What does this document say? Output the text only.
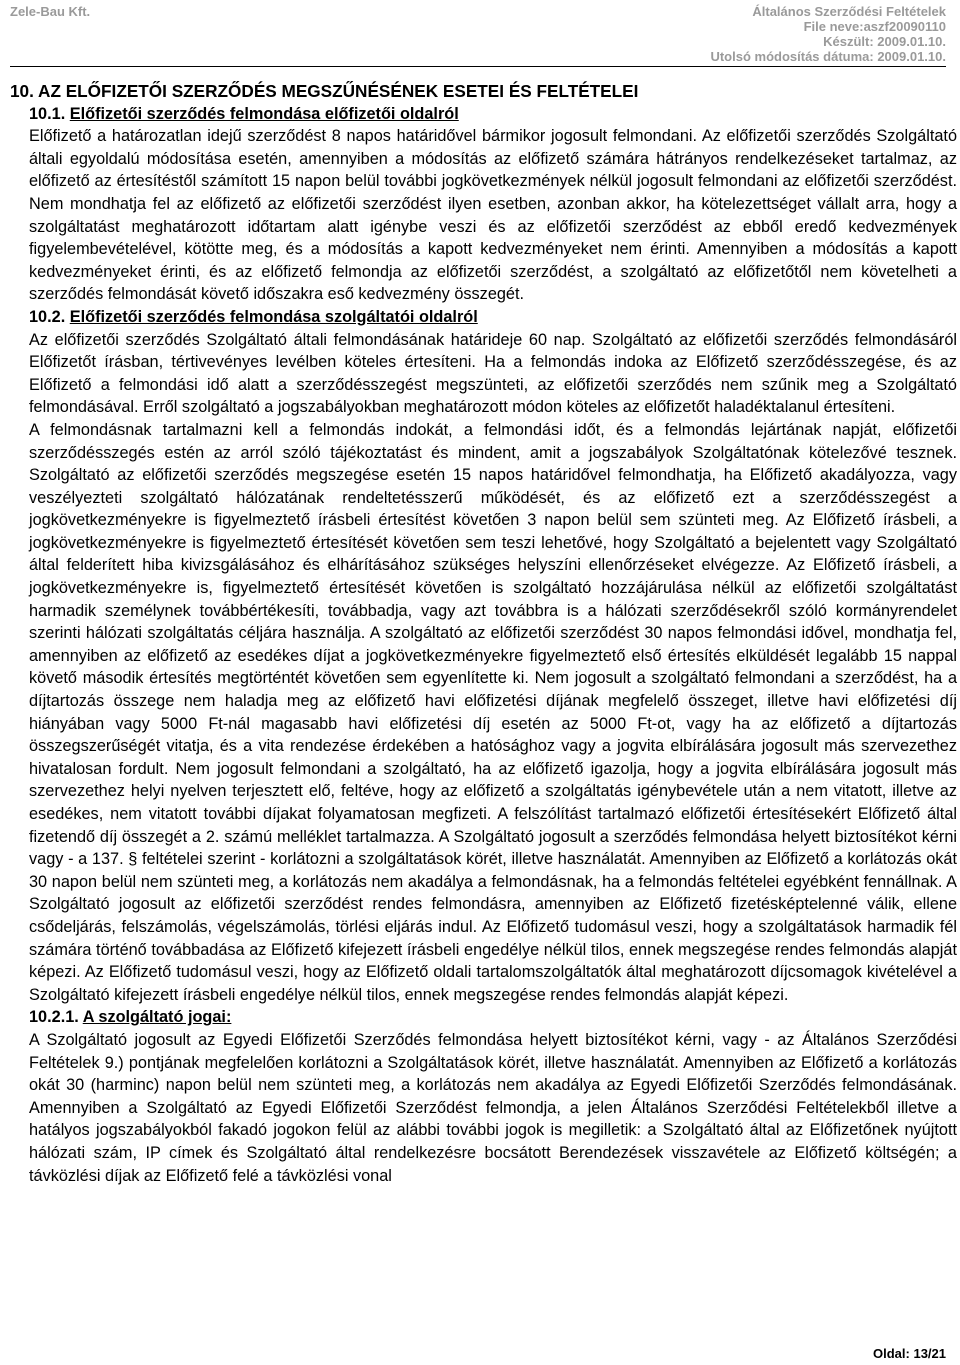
Zele-Bau Kft.	Általános Szerződési Feltételek
File neve:aszf20090110
Készült: 2009.01.10.
Utolsó módosítás dátuma: 2009.01.10.
10. AZ ELŐFIZETŐI SZERZŐDÉS MEGSZŰNÉSÉNEK ESETEI ÉS FELTÉTELEI
10.1. Előfizetői szerződés felmondása előfizetői oldalról

Előfizető a határozatlan idejű szerződést 8 napos határidővel bármikor jogosult felmondani. Az előfizetői szerződés Szolgáltató általi egyoldalú módosítása esetén, amennyiben a módosítás az előfizető számára hátrányos rendelkezéseket tartalmaz, az előfizető az értesítéstől számított 15 napon belül további jogkövetkezmények nélkül jogosult felmondani az előfizetői szerződést. Nem mondhatja fel az előfizető az előfizetői szerződést ilyen esetben, azonban akkor, ha kötelezettséget vállalt arra, hogy a szolgáltatást meghatározott időtartam alatt igénybe veszi és az előfizetői szerződést az ebből eredő kedvezmények figyelembevételével, kötötte meg, és a módosítás a kapott kedvezményeket nem érinti. Amennyiben a módosítás a kapott kedvezményeket érinti, és az előfizető felmondja az előfizetői szerződést, a szolgáltató az előfizetőtől nem követelheti a szerződés felmondását követő időszakra eső kedvezmény összegét.

10.2. Előfizetői szerződés felmondása szolgáltatói oldalról

Az előfizetői szerződés Szolgáltató általi felmondásának határideje 60 nap. Szolgáltató az előfizetői szerződés felmondásáról Előfizetőt írásban, tértivevényes levélben köteles értesíteni. Ha a felmondás indoka az Előfizető szerződésszegése, és az Előfizető a felmondási idő alatt a szerződésszegést megszünteti, az előfizetői szerződés nem szűnik meg a Szolgáltató felmondásával. Erről szolgáltató a jogszabályokban meghatározott módon köteles az előfizetőt haladéktalanul értesíteni.

A felmondásnak tartalmazni kell a felmondás indokát, a felmondási időt, és a felmondás lejártának napját, előfizetői szerződésszegés estén az arról szóló tájékoztatást és mindent, amit a jogszabályok Szolgáltatónak kötelezővé tesznek. Szolgáltató az előfizetői szerződés megszegése esetén 15 napos határidővel felmondhatja, ha Előfizető akadályozza, vagy veszélyezteti szolgáltató hálózatának rendeltetésszerű működését, és az előfizető ezt a szerződésszegést a jogkövetkezményekre is figyelmeztető írásbeli értesítést követően 3 napon belül sem szünteti meg. Az Előfizető írásbeli, a jogkövetkezményekre is figyelmeztető értesítését követően sem teszi lehetővé, hogy Szolgáltató a bejelentett vagy Szolgáltató által felderített hiba kivizsgálásához és elhárításához szükséges helyszíni ellenőrzéseket elvégezze. Az Előfizető írásbeli, a jogkövetkezményekre is, figyelmeztető értesítését követően is szolgáltató hozzájárulása nélkül az előfizetői szolgáltatást harmadik személynek továbbértékesíti, továbbadja, vagy azt továbbra is a hálózati szerződésekről szóló kormányrendelet szerinti hálózati szolgáltatás céljára használja. A szolgáltató az előfizetői szerződést 30 napos felmondási idővel, mondhatja fel, amennyiben az előfizető az esedékes díjat a jogkövetkezményekre figyelmeztető első értesítés elküldését legalább 15 nappal követő második értesítés megtörténtét követően sem egyenlítette ki. Nem jogosult a szolgáltató felmondani a szerződést, ha a díjtartozás összege nem haladja meg az előfizető havi előfizetési díjának megfelelő összeget, illetve havi előfizetési díj hiányában vagy 5000 Ft-nál magasabb havi előfizetési díj esetén az 5000 Ft-ot, vagy ha az előfizető a díjtartozás összegszerűségét vitatja, és a vita rendezése érdekében a hatósághoz vagy a jogvita elbírálására jogosult más szervezethez hivatalosan fordult. Nem jogosult felmondani a szolgáltató, ha az előfizető igazolja, hogy a jogvita elbírálására jogosult más szervezethez helyi nyelven terjesztett elő, feltéve, hogy az előfizető a szolgáltatás igénybevétele után a nem vitatott, illetve az esedékes, nem vitatott további díjakat folyamatosan megfizeti. A felszólítást tartalmazó előfizetői értesítésekért Előfizető által fizetendő díj összegét a 2. számú melléklet tartalmazza. A Szolgáltató jogosult a szerződés felmondása helyett biztosítékot kérni vagy - a 137. § feltételei szerint - korlátozni a szolgáltatások körét, illetve használatát. Amennyiben az Előfizető a korlátozás okát 30 napon belül nem szünteti meg, a korlátozás nem akadálya a felmondásnak, ha a felmondás feltételei egyébként fennállnak. A Szolgáltató jogosult az előfizetői szerződést rendes felmondásra, amennyiben az Előfizető fizetésképtelenné válik, ellene csődeljárás, felszámolás, végelszámolás, törlési eljárás indul. Az Előfizető tudomásul veszi, hogy a szolgáltatások harmadik fél számára történő továbbadása az Előfizető kifejezett írásbeli engedélye nélkül tilos, ennek megszegése rendes felmondás alapját képezi. Az Előfizető tudomásul veszi, hogy az Előfizető oldali tartalomszolgáltatók által meghatározott díjcsomagok kivételével a Szolgáltató kifejezett írásbeli engedélye nélkül tilos, ennek megszegése rendes felmondás alapját képezi.

10.2.1. A szolgáltató jogai:

A Szolgáltató jogosult az Egyedi Előfizetői Szerződés felmondása helyett biztosítékot kérni, vagy - az Általános Szerződési Feltételek 9.) pontjának megfelelően korlátozni a Szolgáltatások körét, illetve használatát. Amennyiben az Előfizető a korlátozás okát 30 (harminc) napon belül nem szünteti meg, a korlátozás nem akadálya az Egyedi Előfizetői Szerződés felmondásának. Amennyiben a Szolgáltató az Egyedi Előfizetői Szerződést felmondja, a jelen Általános Szerződési Feltételekből illetve a hatályos jogszabályokból fakadó jogokon felül az alábbi további jogok is megilletik: a Szolgáltató által az Előfizetőnek nyújtott hálózati szám, IP címek és Szolgáltató által rendelkezésre bocsátott Berendezések visszavétele az Előfizető költségén; a távközlési díjak az Előfizető felé a távközlési vonal

Oldal: 13/21
